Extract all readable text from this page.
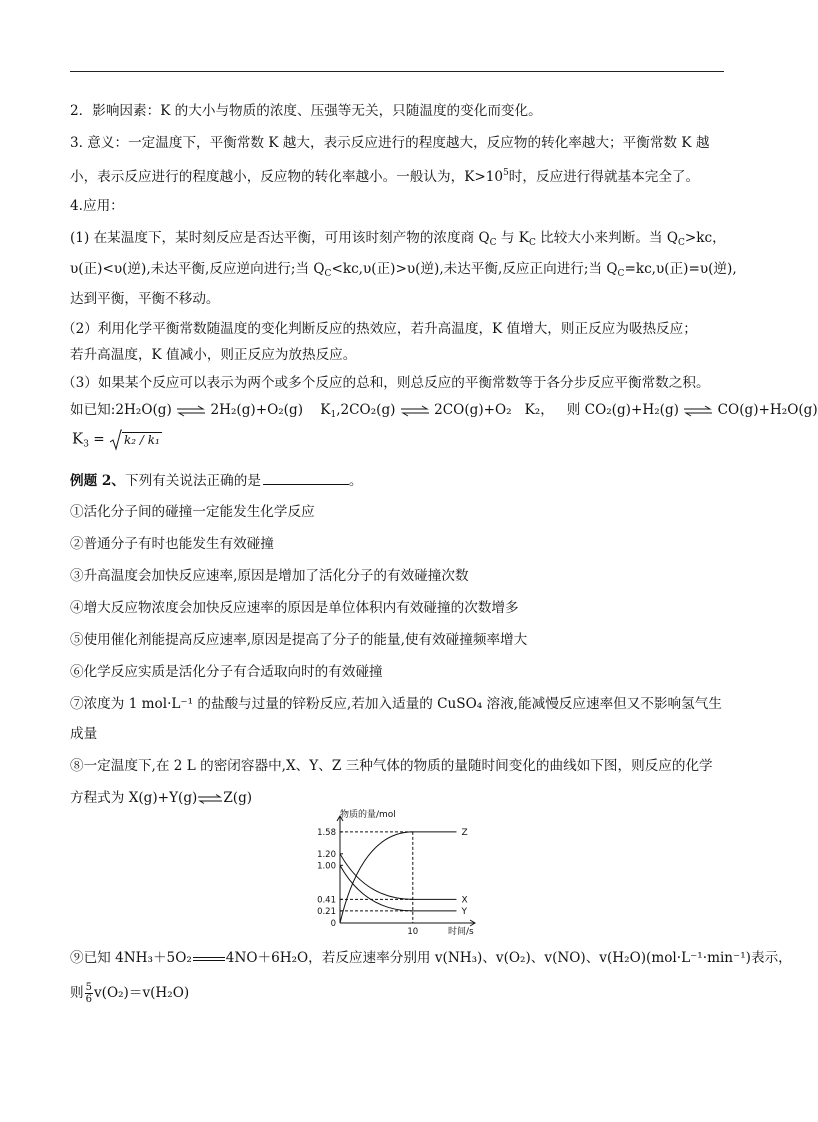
2．影响因素：K 的大小与物质的浓度、压强等无关，只随温度的变化而变化。
3. 意义：一定温度下，平衡常数 K 越大，表示反应进行的程度越大，反应物的转化率越大；平衡常数 K 越
小，表示反应进行的程度越小，反应物的转化率越小。一般认为，$K>10^5$时，反应进行得就基本完全了。
4.应用：
(1) 在某温度下，某时刻反应是否达平衡，可用该时刻产物的浓度商 $Q_C$ 与 $K_C$ 比较大小来判断。当 $Q_C>kc$，
υ(正)<υ(逆),未达平衡,反应逆向进行;当 $Q_C<kc,\upsilon$(正)>υ(逆),未达平衡,反应正向进行;当 $Q_C=kc,\upsilon$(正)=υ(逆),
达到平衡，平衡不移动。
（2）利用化学平衡常数随温度的变化判断反应的热效应，若升高温度，K 值增大，则正反应为吸热反应；
若升高温度，K 值减小，则正反应为放热反应。
（3）如果某个反应可以表示为两个或多个反应的总和，则总反应的平衡常数等于各分步反应平衡常数之积。
如已知:2H₂O(g) ⇌ 2H₂(g)+O₂(g) $K_1,2CO_2(g)$ ⇌ 2CO(g)+O₂ K₂， 则 CO₂(g)+H₂(g) ⇌ CO(g)+H₂O(g)
$K_3 = k_2 / k_1$
例题 2、下列有关说法正确的是	。
①活化分子间的碰撞一定能发生化学反应
②普通分子有时也能发生有效碰撞
③升高温度会加快反应速率,原因是增加了活化分子的有效碰撞次数
④增大反应物浓度会加快反应速率的原因是单位体积内有效碰撞的次数增多
⑤使用催化剂能提高反应速率,原因是提高了分子的能量,使有效碰撞频率增大
⑥化学反应实质是活化分子有合适取向时的有效碰撞
⑦浓度为 1 mol·L⁻¹ 的盐酸与过量的锌粉反应,若加入适量的 CuSO₄ 溶液,能减慢反应速率但又不影响氢气生
成量
⑧一定温度下,在 2 L 的密闭容器中,X、Y、Z 三种气体的物质的量随时间变化的曲线如下图，则反应的化学
方程式为 X(g)+Y(g)⇌Z(g)
物质的量/mol
时间/s
1.58
1.20
1.00
0.41
0.21
0
10
Z
X
Y
⑨已知 4NH₃＋5O₂	4NO＋6H₂O，若反应速率分别用 v(NH₃)、v(O₂)、v(NO)、v(H₂O)(mol·L⁻¹·min⁻¹)表示，
则 $\frac{5}{6} v(O_2)=v(H_2O)$
